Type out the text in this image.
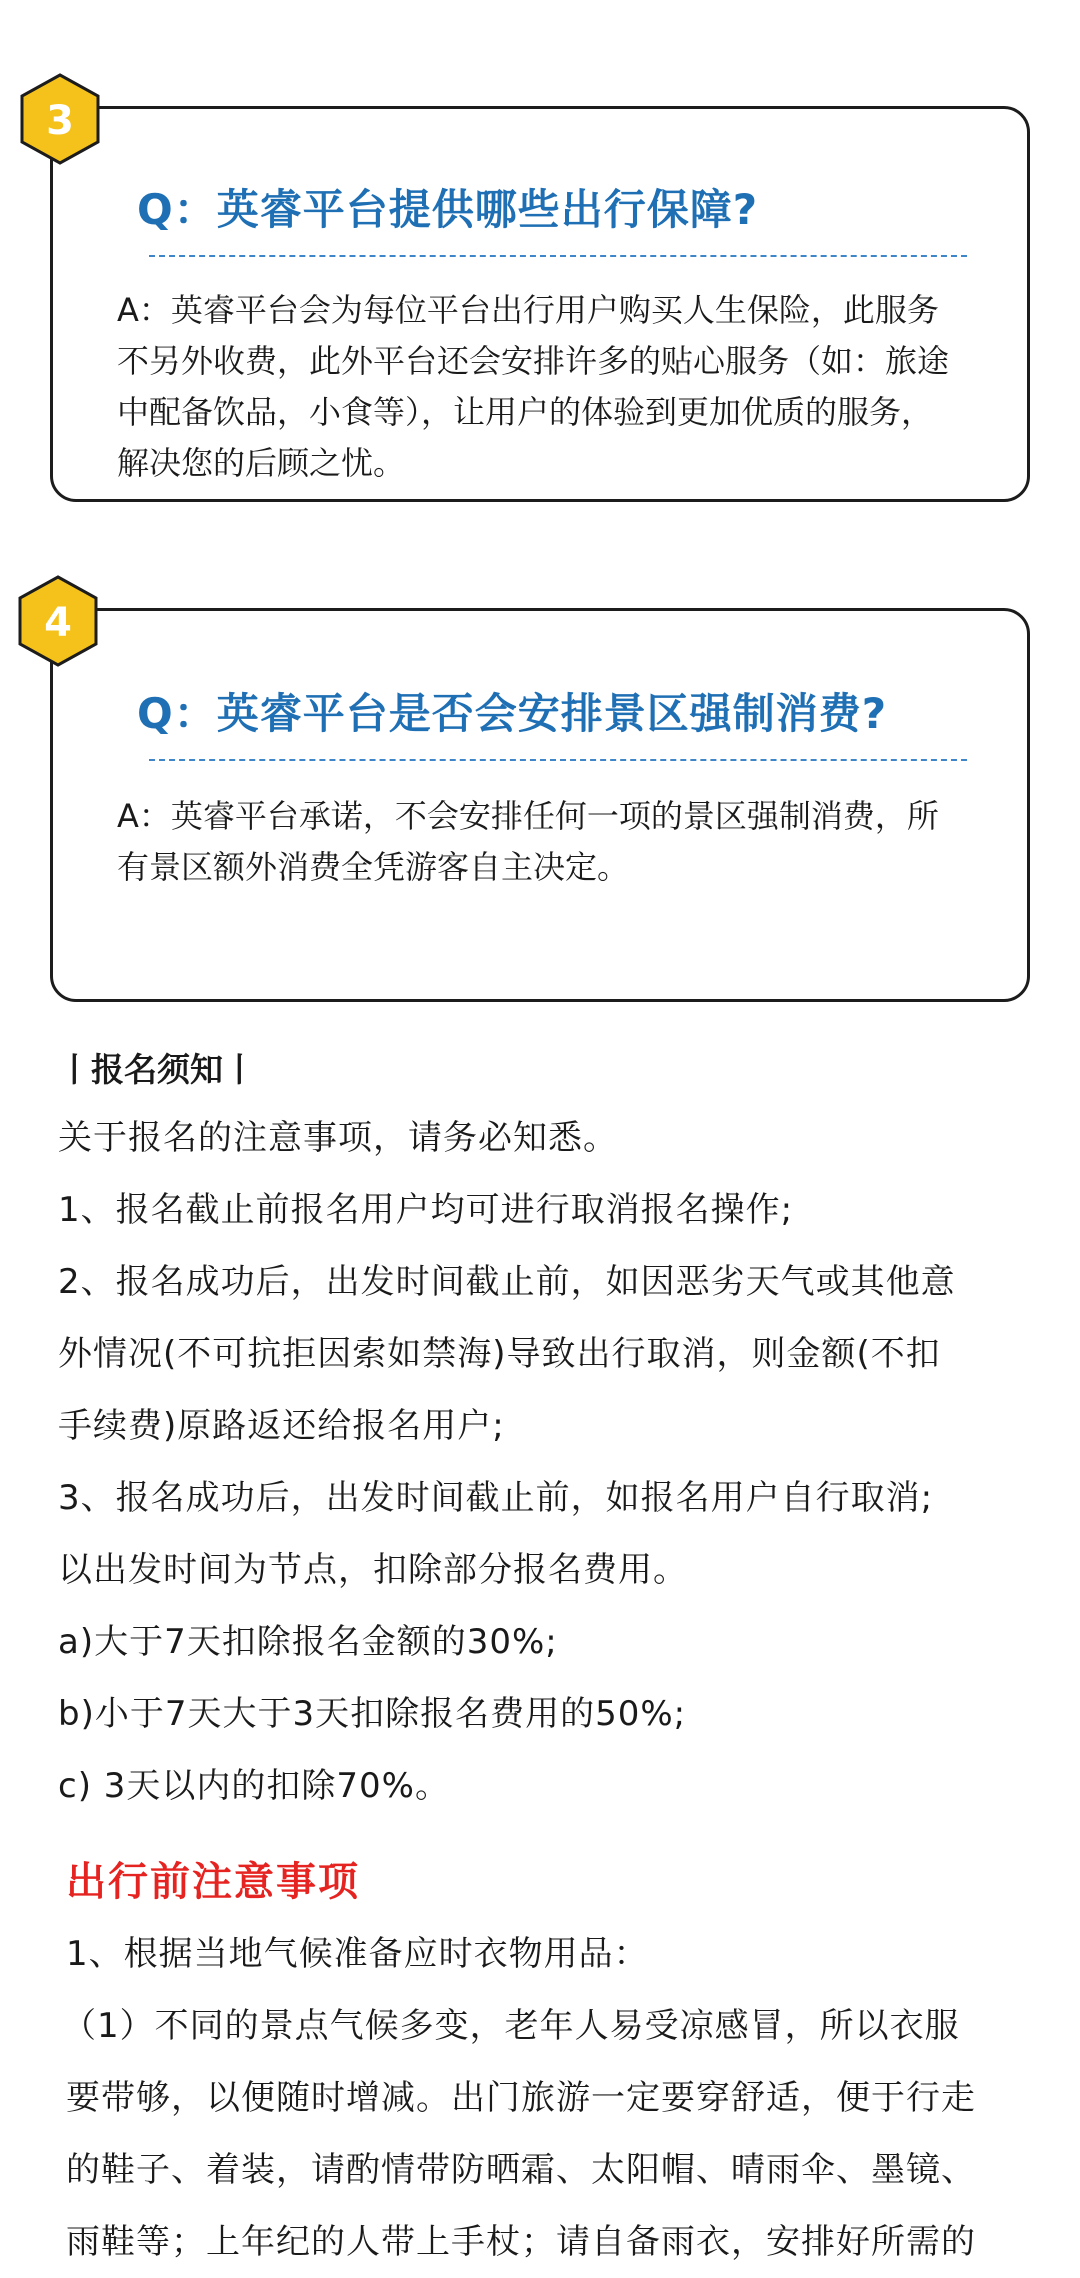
Q：英睿平台提供哪些出行保障?
A：英睿平台会为每位平台出行用户购买人生保险，此服务
不另外收费，此外平台还会安排许多的贴心服务（如：旅途
中配备饮品，小食等），让用户的体验到更加优质的服务，
解决您的后顾之忧。
3
Q：英睿平台是否会安排景区强制消费?
A：英睿平台承诺，不会安排任何一项的景区强制消费，所
有景区额外消费全凭游客自主决定。
4
丨报名须知丨
关于报名的注意事项，请务必知悉。
1、报名截止前报名用户均可进行取消报名操作;
2、报名成功后，出发时间截止前，如因恶劣天气或其他意
外情况(不可抗拒因索如禁海)导致出行取消，则金额(不扣
手续费)原路返还给报名用户;
3、报名成功后，出发时间截止前，如报名用户自行取消;
以出发时间为节点，扣除部分报名费用。
a)大于7天扣除报名金额的30%;
b)小于7天大于3天扣除报名费用的50%;
c) 3天以内的扣除70%。
出行前注意事项
1、根据当地气候准备应时衣物用品：
（1）不同的景点气候多变，老年人易受凉感冒，所以衣服
要带够，以便随时增减。出门旅游一定要穿舒适，便于行走
的鞋子、着装，请酌情带防晒霜、太阳帽、晴雨伞、墨镜、
雨鞋等；上年纪的人带上手杖；请自备雨衣，安排好所需的
